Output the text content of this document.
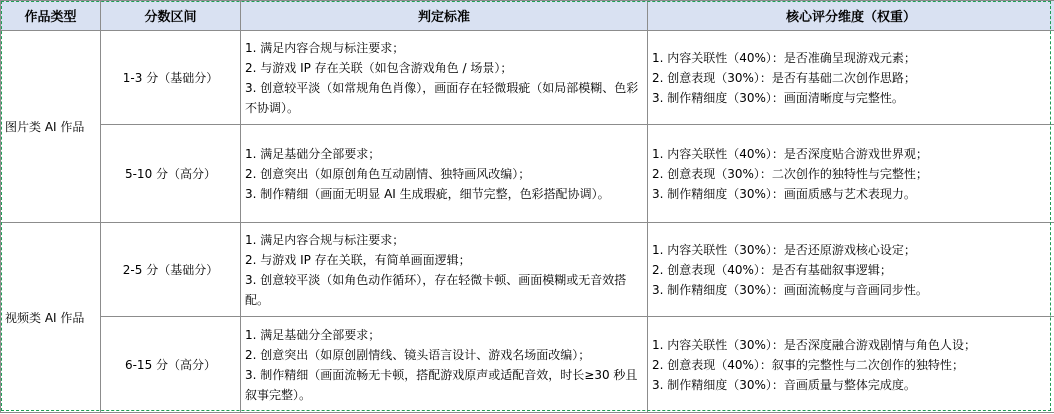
作品类型	分数区间	判定标准	核心评分维度（权重）
图片类 AI 作品	1-3 分（基础分）	1. 满足内容合规与标注要求；
2. 与游戏 IP 存在关联（如包含游戏角色 / 场景）；
3. 创意较平淡（如常规角色肖像），画面存在轻微瑕疵（如局部模糊、色彩不协调）。	1. 内容关联性（40%）：是否准确呈现游戏元素；
2. 创意表现（30%）：是否有基础二次创作思路；
3. 制作精细度（30%）：画面清晰度与完整性。

	5-10 分（高分）	1. 满足基础分全部要求；
2. 创意突出（如原创角色互动剧情、独特画风改编）；
3. 制作精细（画面无明显 AI 生成瑕疵，细节完整，色彩搭配协调）。	1. 内容关联性（40%）：是否深度贴合游戏世界观；
2. 创意表现（30%）：二次创作的独特性与完整性；
3. 制作精细度（30%）：画面质感与艺术表现力。

视频类 AI 作品	2-5 分（基础分）	1. 满足内容合规与标注要求；
2. 与游戏 IP 存在关联，有简单画面逻辑；
3. 创意较平淡（如角色动作循环），存在轻微卡顿、画面模糊或无音效搭配。	1. 内容关联性（30%）：是否还原游戏核心设定；
2. 创意表现（40%）：是否有基础叙事逻辑；
3. 制作精细度（30%）：画面流畅度与音画同步性。

	6-15 分（高分）	1. 满足基础分全部要求；
2. 创意突出（如原创剧情线、镜头语言设计、游戏名场面改编）；
3. 制作精细（画面流畅无卡顿，搭配游戏原声或适配音效，时长≥30 秒且叙事完整）。	1. 内容关联性（30%）：是否深度融合游戏剧情与角色人设；
2. 创意表现（40%）：叙事的完整性与二次创作的独特性；
3. 制作精细度（30%）：音画质量与整体完成度。
